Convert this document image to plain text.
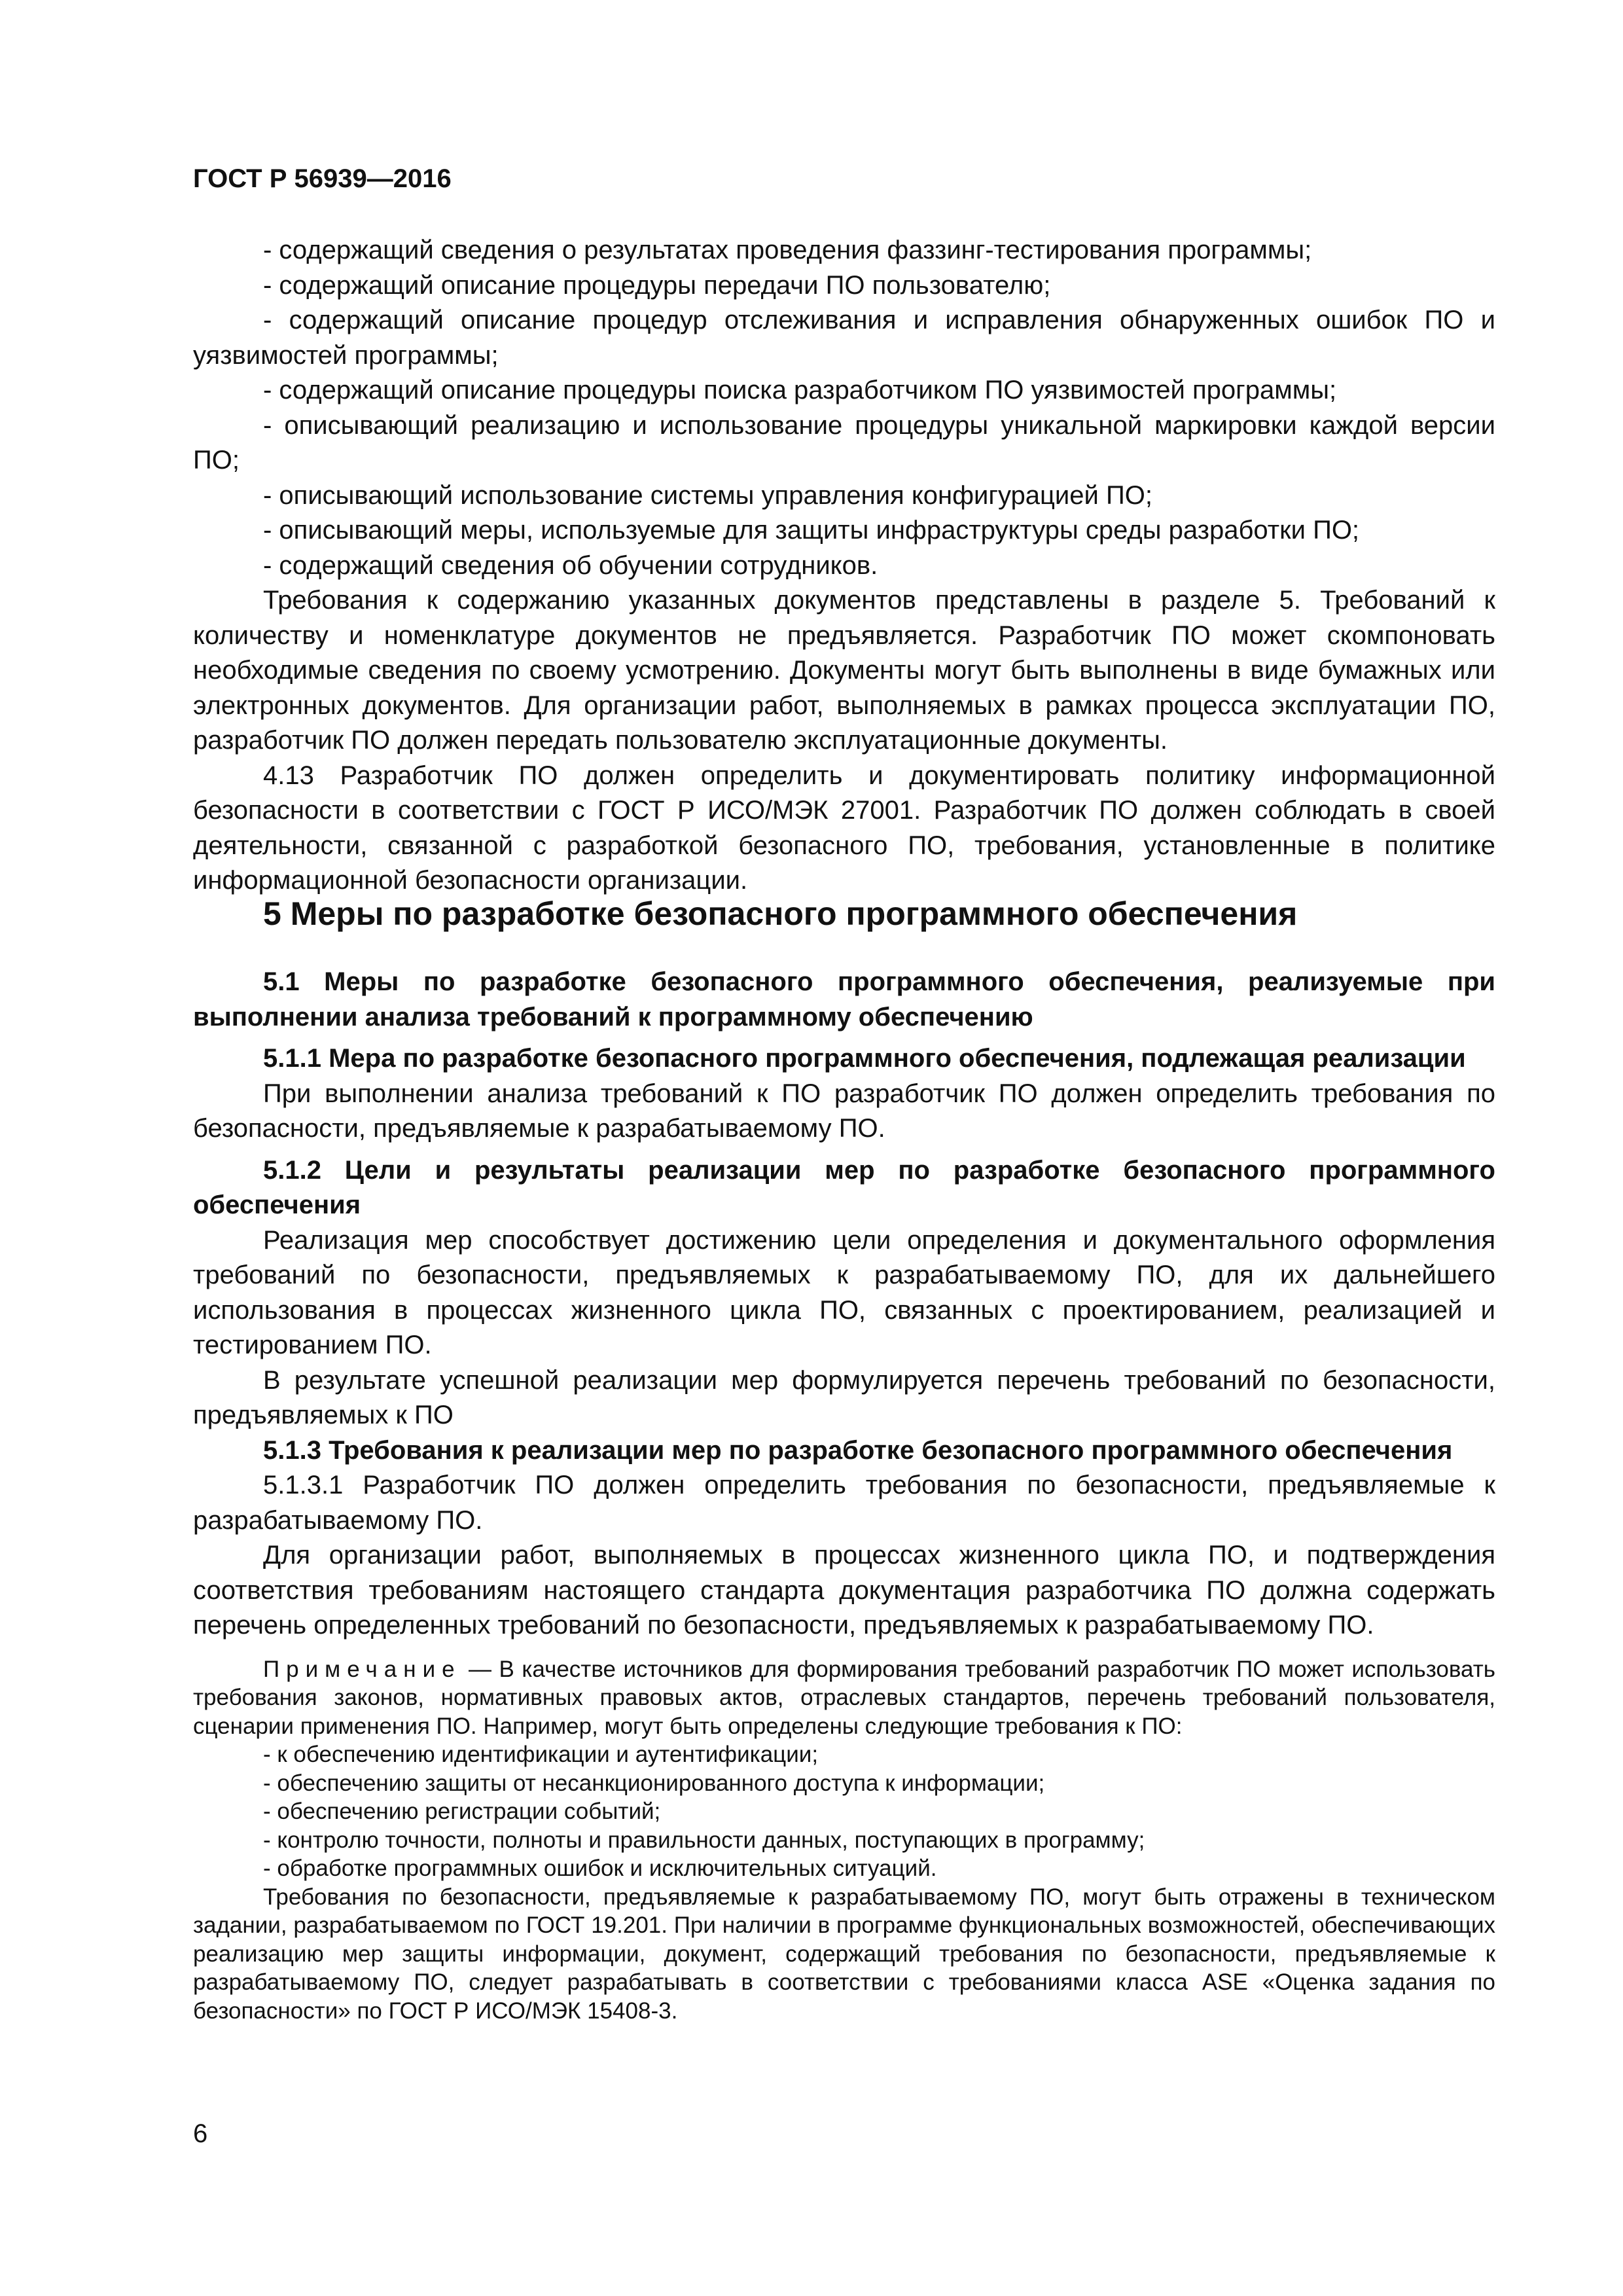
ГОСТ Р 56939—2016

- содержащий сведения о результатах проведения фаззинг-тестирования программы;

- содержащий описание процедуры передачи ПО пользователю;

- содержащий описание процедур отслеживания и исправления обнаруженных ошибок ПО и уязвимостей программы;

- содержащий описание процедуры поиска разработчиком ПО уязвимостей программы;

- описывающий реализацию и использование процедуры уникальной маркировки каждой версии ПО;

- описывающий использование системы управления конфигурацией ПО;

- описывающий меры, используемые для защиты инфраструктуры среды разработки ПО;

- содержащий сведения об обучении сотрудников.

Требования к содержанию указанных документов представлены в разделе 5. Требований к количеству и номенклатуре документов не предъявляется. Разработчик ПО может скомпоновать необходимые сведения по своему усмотрению. Документы могут быть выполнены в виде бумажных или электронных документов. Для организации работ, выполняемых в рамках процесса эксплуатации ПО, разработчик ПО должен передать пользователю эксплуатационные документы.

4.13 Разработчик ПО должен определить и документировать политику информационной безопасности в соответствии с ГОСТ Р ИСО/МЭК 27001. Разработчик ПО должен соблюдать в своей деятельности, связанной с разработкой безопасного ПО, требования, установленные в политике информационной безопасности организации.

5 Меры по разработке безопасного программного обеспечения

5.1 Меры по разработке безопасного программного обеспечения, реализуемые при выполнении анализа требований к программному обеспечению

5.1.1 Мера по разработке безопасного программного обеспечения, подлежащая реализации

При выполнении анализа требований к ПО разработчик ПО должен определить требования по безопасности, предъявляемые к разрабатываемому ПО.

5.1.2 Цели и результаты реализации мер по разработке безопасного программного обеспечения

Реализация мер способствует достижению цели определения и документального оформления требований по безопасности, предъявляемых к разрабатываемому ПО, для их дальнейшего использования в процессах жизненного цикла ПО, связанных с проектированием, реализацией и тестированием ПО.

В результате успешной реализации мер формулируется перечень требований по безопасности, предъявляемых к ПО

5.1.3 Требования к реализации мер по разработке безопасного программного обеспечения

5.1.3.1 Разработчик ПО должен определить требования по безопасности, предъявляемые к разрабатываемому ПО.

Для организации работ, выполняемых в процессах жизненного цикла ПО, и подтверждения соответствия требованиям настоящего стандарта документация разработчика ПО должна содержать перечень определенных требований по безопасности, предъявляемых к разрабатываемому ПО.

Примечание — В качестве источников для формирования требований разработчик ПО может использовать требования законов, нормативных правовых актов, отраслевых стандартов, перечень требований пользователя, сценарии применения ПО. Например, могут быть определены следующие требования к ПО:

- к обеспечению идентификации и аутентификации;

- обеспечению защиты от несанкционированного доступа к информации;

- обеспечению регистрации событий;

- контролю точности, полноты и правильности данных, поступающих в программу;

- обработке программных ошибок и исключительных ситуаций.

Требования по безопасности, предъявляемые к разрабатываемому ПО, могут быть отражены в техническом задании, разрабатываемом по ГОСТ 19.201. При наличии в программе функциональных возможностей, обеспечивающих реализацию мер защиты информации, документ, содержащий требования по безопасности, предъявляемые к разрабатываемому ПО, следует разрабатывать в соответствии с требованиями класса ASE «Оценка задания по безопасности» по ГОСТ Р ИСО/МЭК 15408-3.

6
